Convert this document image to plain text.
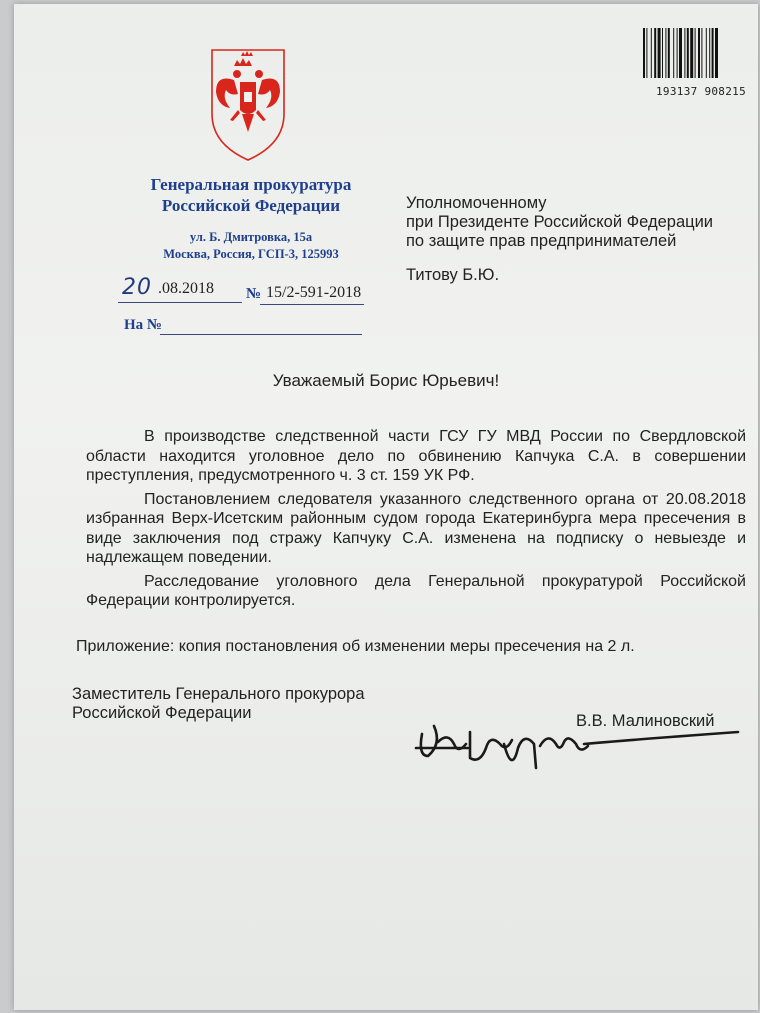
193137 908215
Генеральная прокуратура
Российской Федерации
ул. Б. Дмитровка, 15а
Москва, Россия, ГСП-3, 125993
20 .08.2018 № 15/2-591-2018
На №
Уполномоченному
при Президенте Российской Федерации
по защите прав предпринимателей
Титову Б.Ю.
Уважаемый Борис Юрьевич!

В производстве следственной части ГСУ ГУ МВД России по Свердловской области находится уголовное дело по обвинению Капчука С.А. в совершении преступления, предусмотренного ч. 3 ст. 159 УК РФ.

Постановлением следователя указанного следственного органа от 20.08.2018 избранная Верх-Исетским районным судом города Екатеринбурга мера пресечения в виде заключения под стражу Капчуку С.А. изменена на подписку о невыезде и надлежащем поведении.

Расследование уголовного дела Генеральной прокуратурой Российской Федерации контролируется.

Приложение: копия постановления об изменении меры пресечения на 2 л.
Заместитель Генерального прокурора
Российской Федерации	В.В. Малиновский
